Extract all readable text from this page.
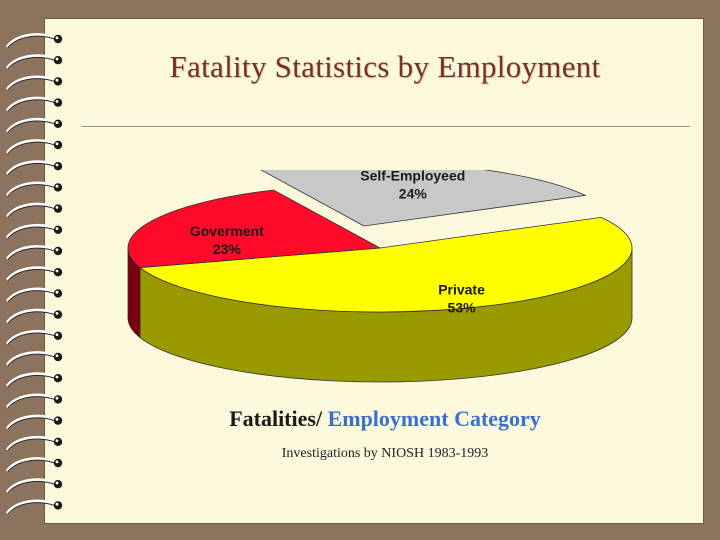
Fatality Statistics by Employment
Self-Employeed
24%
Private
53%
Goverment
23%

Fatalities/ Employment Category

Investigations by NIOSH 1983-1993
